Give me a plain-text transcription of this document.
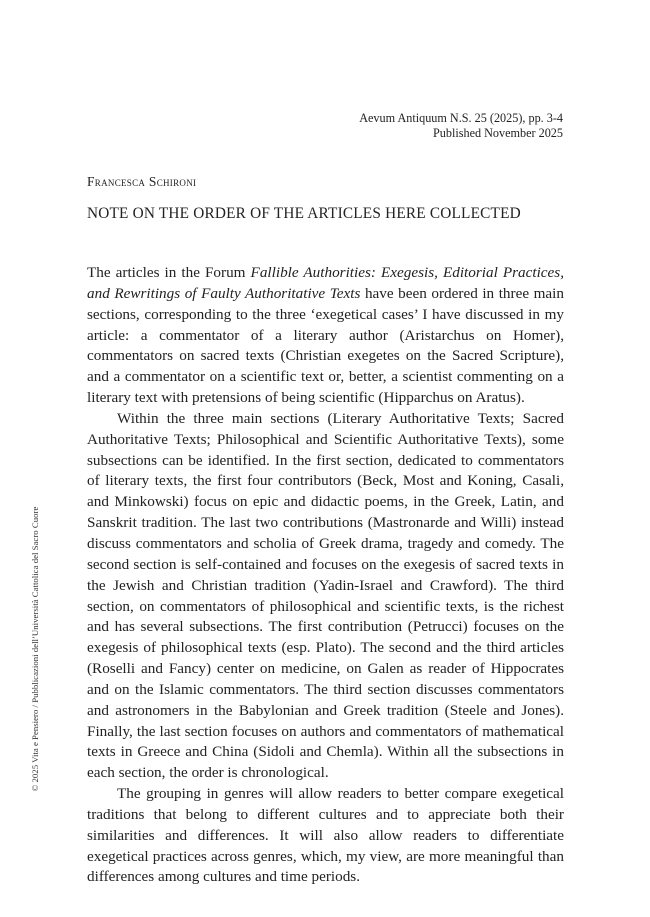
Aevum Antiquum N.S. 25 (2025), pp. 3-4
Published November 2025
Francesca Schironi
NOTE ON THE ORDER OF THE ARTICLES HERE COLLECTED

The articles in the Forum Fallible Authorities: Exegesis, Editorial Practices, and Rewritings of Faulty Authoritative Texts have been ordered in three main sections, corresponding to the three ‘exegetical cases’ I have discussed in my article: a commentator of a literary author (Aristarchus on Homer), commentators on sacred texts (Christian exegetes on the Sacred Scripture), and a commentator on a scientific text or, better, a scientist commenting on a literary text with pretensions of being scientific (Hipparchus on Aratus).

Within the three main sections (Literary Authoritative Texts; Sacred Authoritative Texts; Philosophical and Scientific Authoritative Texts), some subsections can be identified. In the first section, dedicated to commentators of literary texts, the first four contributors (Beck, Most and Koning, Casali, and Minkowski) focus on epic and didactic poems, in the Greek, Latin, and Sanskrit tradition. The last two contributions (Mastronarde and Willi) instead discuss commentators and scholia of Greek drama, tragedy and comedy. The second section is self-contained and focuses on the exegesis of sacred texts in the Jewish and Christian tradition (Yadin-Israel and Crawford). The third section, on commentators of philosophical and scientific texts, is the richest and has several subsections. The first contribution (Petrucci) focuses on the exegesis of philosophical texts (esp. Plato). The second and the third articles (Roselli and Fancy) center on medicine, on Galen as reader of Hippocrates and on the Islamic commentators. The third section discusses commentators and astronomers in the Babylonian and Greek tradition (Steele and Jones). Finally, the last section focuses on authors and commentators of mathematical texts in Greece and China (Sidoli and Chemla). Within all the subsections in each section, the order is chronological.

The grouping in genres will allow readers to better compare exegetical traditions that belong to different cultures and to appreciate both their similarities and differences. It will also allow readers to differentiate exegetical practices across genres, which, my view, are more meaningful than differences among cultures and time periods.

© 2025 Vita e Pensiero / Pubblicazioni dell’Università Cattolica del Sacro Cuore
